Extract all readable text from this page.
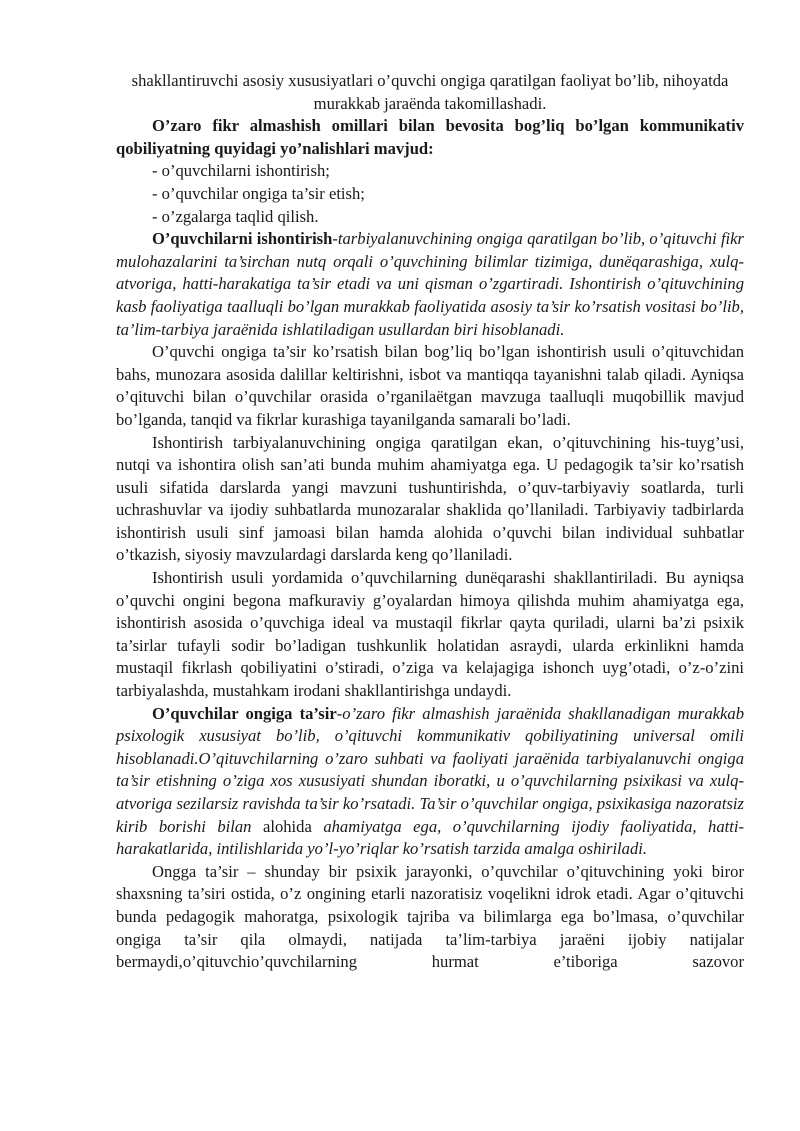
shakllantiruvchi asosiy xususiyatlari o’quvchi ongiga qaratilgan faoliyat bo’lib, nihoyatda murakkab jaraёnda takomillashadi.

O’zaro fikr almashish omillari bilan bevosita bog’liq bo’lgan kommunikativ qobiliyatning quyidagi yo’nalishlari mavjud:

- o’quvchilarni ishontirish;

- o’quvchilar ongiga ta’sir etish;

- o’zgalarga taqlid qilish.

O’quvchilarni ishontirish-tarbiyalanuvchining ongiga qaratilgan bo’lib, o’qituvchi fikr mulohazalarini ta’sirchan nutq orqali o’quvchining bilimlar tizimiga, dunёqarashiga, xulq-atvoriga, hatti-harakatiga ta’sir etadi va uni qisman o’zgartiradi. Ishontirish o’qituvchining kasb faoliyatiga taalluqli bo’lgan murakkab faoliyatida asosiy ta’sir ko’rsatish vositasi bo’lib, ta’lim-tarbiya jaraёnida ishlatiladigan usullardan biri hisoblanadi.

O’quvchi ongiga ta’sir ko’rsatish bilan bog’liq bo’lgan ishontirish usuli o’qituvchidan bahs, munozara asosida dalillar keltirishni, isbot va mantiqqa tayanishni talab qiladi. Ayniqsa o’qituvchi bilan o’quvchilar orasida o’rganilaёtgan mavzuga taalluqli muqobillik mavjud bo’lganda, tanqid va fikrlar kurashiga tayanilganda samarali bo’ladi.

Ishontirish tarbiyalanuvchining ongiga qaratilgan ekan, o’qituvchining his-tuyg’usi, nutqi va ishontira olish san’ati bunda muhim ahamiyatga ega. U pedagogik ta’sir ko’rsatish usuli sifatida darslarda yangi mavzuni tushuntirishda, o’quv-tarbiyaviy soatlarda, turli uchrashuvlar va ijodiy suhbatlarda munozaralar shaklida qo’llaniladi. Tarbiyaviy tadbirlarda ishontirish usuli sinf jamoasi bilan hamda alohida o’quvchi bilan individual suhbatlar o’tkazish, siyosiy mavzulardagi darslarda keng qo’llaniladi.

Ishontirish usuli yordamida o’quvchilarning dunёqarashi shakllantiriladi. Bu ayniqsa o’quvchi ongini begona mafkuraviy g’oyalardan himoya qilishda muhim ahamiyatga ega, ishontirish asosida o’quvchiga ideal va mustaqil fikrlar qayta quriladi, ularni ba’zi psixik ta’sirlar tufayli sodir bo’ladigan tushkunlik holatidan asraydi, ularda erkinlikni hamda mustaqil fikrlash qobiliyatini o’stiradi, o’ziga va kelajagiga ishonch uyg’otadi, o’z-o’zini tarbiyalashda, mustahkam irodani shakllantirishga undaydi.

O’quvchilar ongiga ta’sir-o’zaro fikr almashish jaraёnida shakllanadigan murakkab psixologik xususiyat bo’lib, o’qituvchi kommunikativ qobiliyatining universal omili hisoblanadi.O’qituvchilarning o’zaro suhbati va faoliyati jaraёnida tarbiyalanuvchi ongiga ta’sir etishning o’ziga xos xususiyati shundan iboratki, u o’quvchilarning psixikasi va xulq-atvoriga sezilarsiz ravishda ta’sir ko’rsatadi. Ta’sir o’quvchilar ongiga, psixikasiga nazoratsiz kirib borishi bilan alohida ahamiyatga ega, o’quvchilarning ijodiy faoliyatida, hatti-harakatlarida, intilishlarida yo’l-yo’riqlar ko’rsatish tarzida amalga oshiriladi.

Ongga ta’sir – shunday bir psixik jarayonki, o’quvchilar o’qituvchining yoki biror shaxsning ta’siri ostida, o’z ongining etarli nazoratisiz voqelikni idrok etadi. Agar o’qituvchi bunda pedagogik mahoratga, psixologik tajriba va bilimlarga ega bo’lmasa, o’quvchilar ongiga ta’sir qila olmaydi, natijada ta’lim-tarbiya jaraёni ijobiy natijalar bermaydi,o’qituvchio’quvchilarning hurmat e’tiboriga sazovor
